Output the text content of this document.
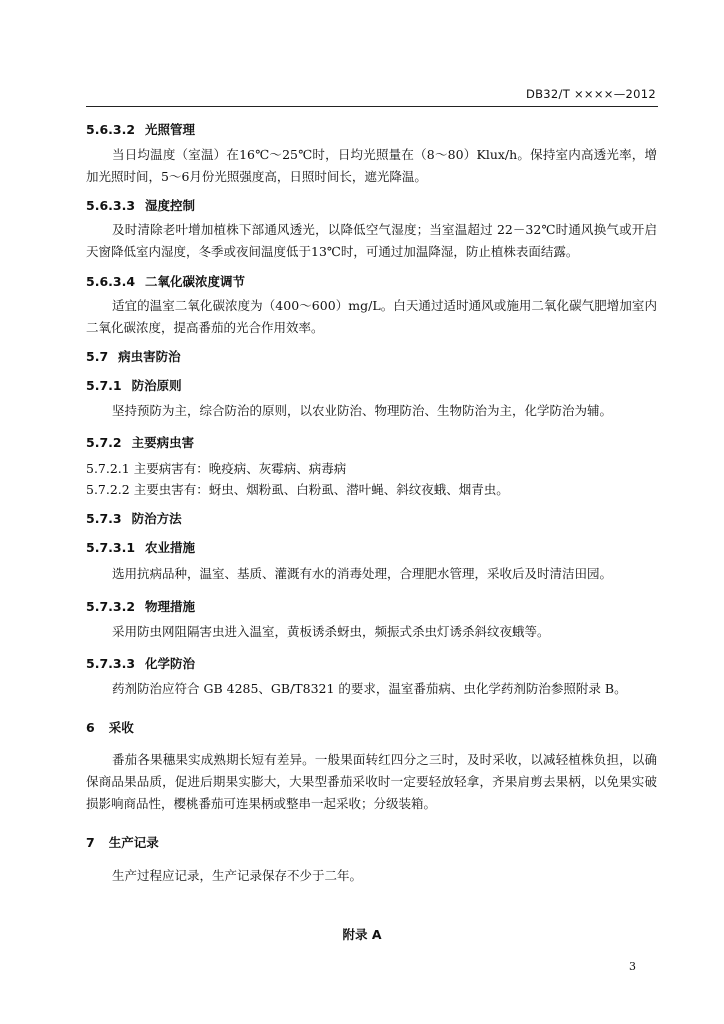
DB32/T ××××—2012
5.6.3.2 光照管理
当日均温度（室温）在16℃～25℃时，日均光照量在（8～80）Klux/h。保持室内高透光率，增加光照时间，5～6月份光照强度高，日照时间长，遮光降温。
5.6.3.3 湿度控制
及时清除老叶增加植株下部通风透光，以降低空气湿度；当室温超过 22－32℃时通风换气或开启天窗降低室内湿度，冬季或夜间温度低于13℃时，可通过加温降湿，防止植株表面结露。
5.6.3.4 二氧化碳浓度调节
适宜的温室二氧化碳浓度为（400～600）mg/L。白天通过适时通风或施用二氧化碳气肥增加室内二氧化碳浓度，提高番茄的光合作用效率。
5.7 病虫害防治
5.7.1 防治原则
坚持预防为主，综合防治的原则，以农业防治、物理防治、生物防治为主，化学防治为辅。
5.7.2 主要病虫害
5.7.2.1 主要病害有：晚疫病、灰霉病、病毒病
5.7.2.2 主要虫害有：蚜虫、烟粉虱、白粉虱、潜叶蝇、斜纹夜蛾、烟青虫。
5.7.3 防治方法
5.7.3.1 农业措施
选用抗病品种，温室、基质、灌溉有水的消毒处理，合理肥水管理，采收后及时清洁田园。
5.7.3.2 物理措施
采用防虫网阻隔害虫进入温室，黄板诱杀蚜虫，频振式杀虫灯诱杀斜纹夜蛾等。
5.7.3.3 化学防治
药剂防治应符合 GB 4285、GB/T8321 的要求，温室番茄病、虫化学药剂防治参照附录 B。
6 采收
番茄各果穗果实成熟期长短有差异。一般果面转红四分之三时，及时采收，以减轻植株负担，以确保商品果品质，促进后期果实膨大，大果型番茄采收时一定要轻放轻拿，齐果肩剪去果柄，以免果实破损影响商品性，樱桃番茄可连果柄或整串一起采收；分级装箱。
7 生产记录
生产过程应记录，生产记录保存不少于二年。
附录 A
3
